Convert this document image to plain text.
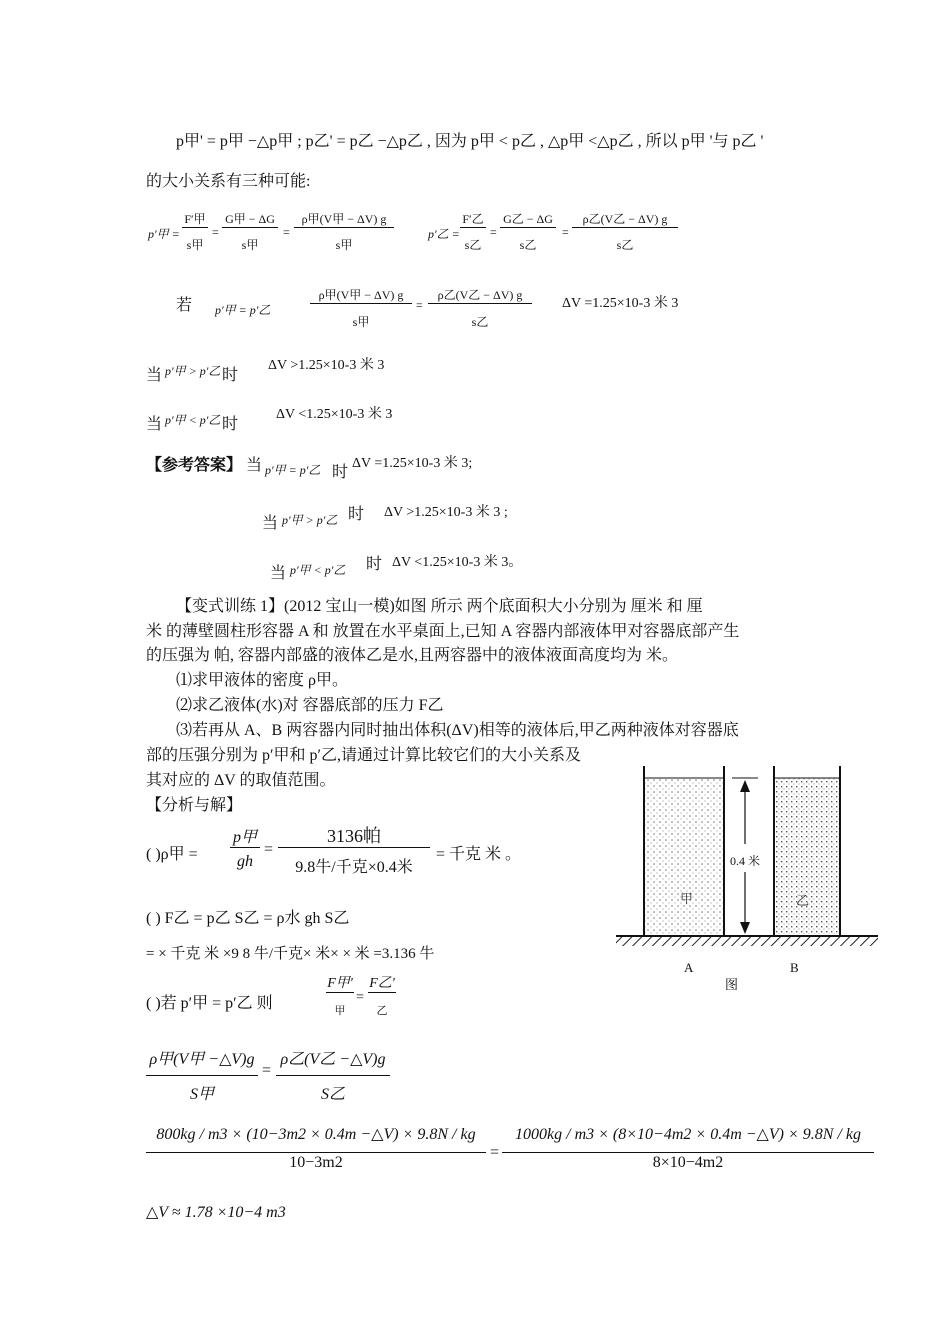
p甲' = p甲 −△p甲 ; p乙' = p乙 −△p乙 , 因为 p甲 < p乙 , △p甲 <△p乙 , 所以 p甲 '与 p乙 '
的大小关系有三种可能:
p′甲 =
F′甲
s甲
=
G甲 − ΔG
s甲
=
ρ甲(V甲 − ΔV) g
s甲
p′乙 =
F′乙
s乙
=
G乙 − ΔG
s乙
=
ρ乙(V乙 − ΔV) g
s乙
若 p′甲 = p′乙
ρ甲(V甲 − ΔV) g
s甲
=
ρ乙(V乙 − ΔV) g
s乙
ΔV =1.25×10-3 米 3
当 p′甲 > p′乙 时
ΔV >1.25×10-3 米 3
当 p′甲 < p′乙 时
ΔV <1.25×10-3 米 3
【参考答案】 当 p′甲 = p′乙 时
ΔV =1.25×10-3 米 3;
当 p′甲 > p′乙 时 ΔV >1.25×10-3 米 3 ;
当 p′甲 < p′乙 时 ΔV <1.25×10-3 米 3。
【变式训练 1】(2012 宝山一模)如图 所示 两个底面积大小分别为 厘米 和 厘
米 的薄壁圆柱形容器 A 和 放置在水平桌面上,已知 A 容器内部液体甲对容器底部产生
的压强为 帕, 容器内部盛的液体乙是水,且两容器中的液体液面高度均为 米。
⑴求甲液体的密度 ρ甲。
⑵求乙液体(水)对 容器底部的压力 F乙
⑶若再从 A、B 两容器内同时抽出体积(ΔV)相等的液体后,甲乙两种液体对容器底
部的压强分别为 p′甲和 p′乙,请通过计算比较它们的大小关系及
其对应的 ΔV 的取值范围。
【分析与解】
( )ρ甲 =
p甲
gh
=
3136帕
9.8牛/千克×0.4米
= 千克 米 。
( ) F乙 = p乙 S乙 = ρ水 gh S乙
= × 千克 米 ×9 8 牛/千克× 米× × 米 =3.136 牛
( )若 p′甲 = p′乙 则
F甲'
甲
=
F乙'
乙
ρ甲(V甲 −△V)g
S甲
=
ρ乙(V乙 −△V)g
S乙
800kg / m3 × (10−3m2 × 0.4m −△V) × 9.8N / kg
10−3m2
=
1000kg / m3 × (8×10−4m2 × 0.4m −△V) × 9.8N / kg
8×10−4m2
△V ≈ 1.78 ×10−4 m3
0.4 米
甲	乙
A	B
图
